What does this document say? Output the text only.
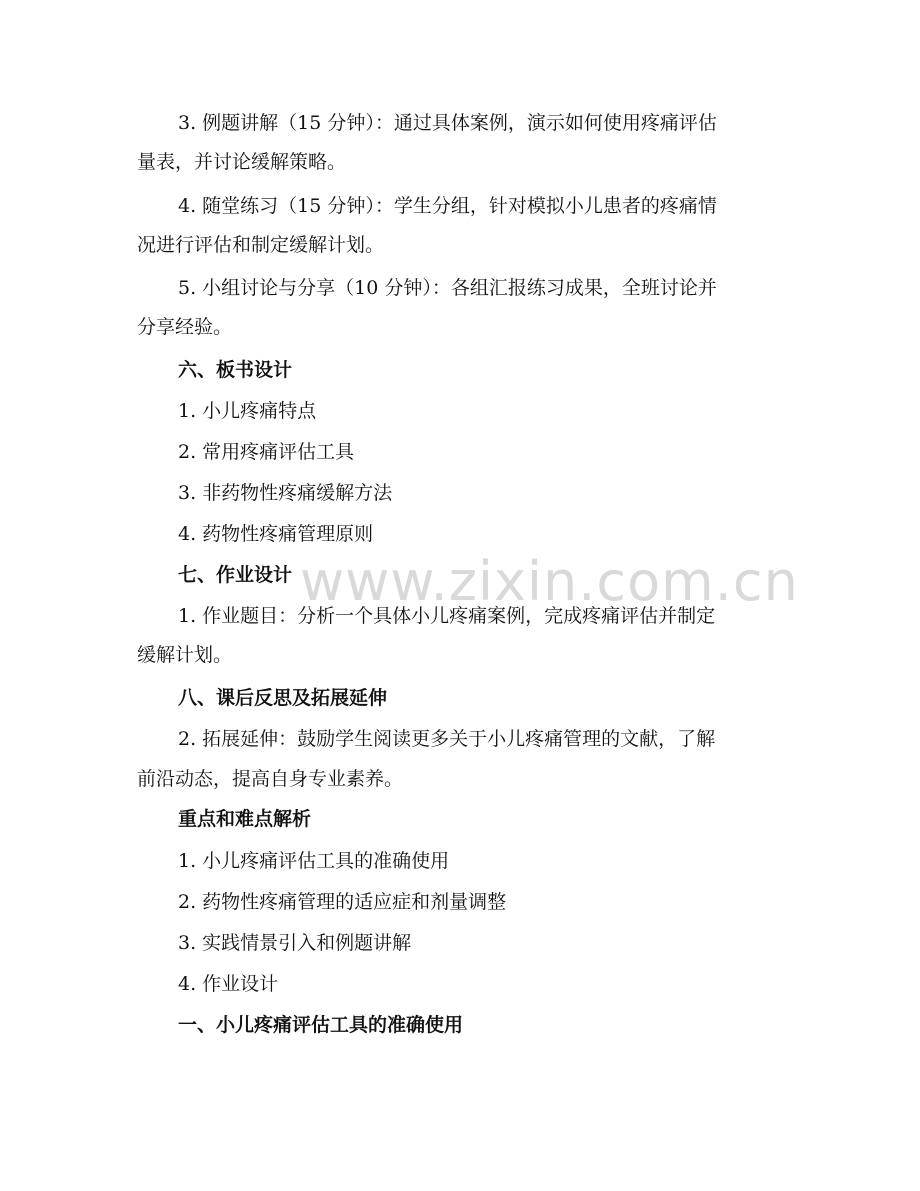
www.zixin.com.cn
3. 例题讲解（15 分钟）：通过具体案例，演示如何使用疼痛评估
量表，并讨论缓解策略。
4. 随堂练习（15 分钟）：学生分组，针对模拟小儿患者的疼痛情
况进行评估和制定缓解计划。
5. 小组讨论与分享（10 分钟）：各组汇报练习成果，全班讨论并
分享经验。
六、板书设计
1. 小儿疼痛特点
2. 常用疼痛评估工具
3. 非药物性疼痛缓解方法
4. 药物性疼痛管理原则
七、作业设计
1. 作业题目：分析一个具体小儿疼痛案例，完成疼痛评估并制定
缓解计划。
八、课后反思及拓展延伸
2. 拓展延伸：鼓励学生阅读更多关于小儿疼痛管理的文献，了解
前沿动态，提高自身专业素养。
重点和难点解析
1. 小儿疼痛评估工具的准确使用
2. 药物性疼痛管理的适应症和剂量调整
3. 实践情景引入和例题讲解
4. 作业设计
一、小儿疼痛评估工具的准确使用
